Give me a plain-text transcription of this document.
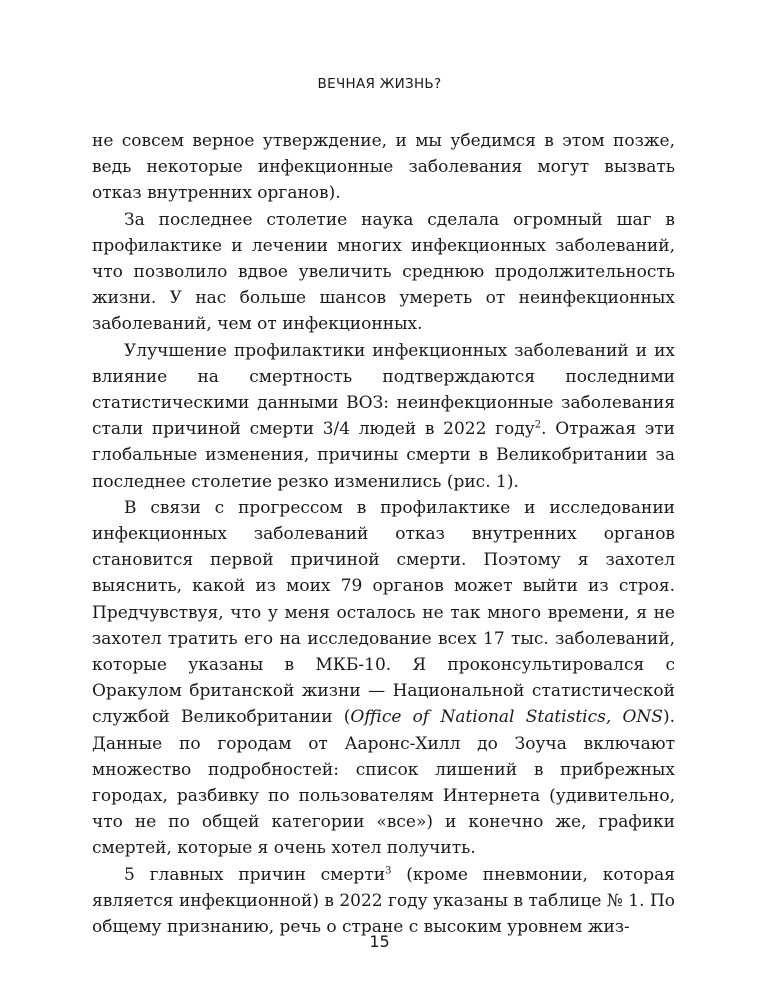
ВЕЧНАЯ ЖИЗНЬ?

не совсем верное утверждение, и мы убедимся в этом позже, ведь некоторые инфекционные заболевания могут вызвать отказ внутренних органов).

За последнее столетие наука сделала огромный шаг в профилактике и лечении многих инфекционных заболеваний, что позволило вдвое увеличить среднюю продолжительность жизни. У нас больше шансов умереть от неинфекционных заболеваний, чем от инфекционных.

Улучшение профилактики инфекционных заболеваний и их влияние на смертность подтверждаются последними статистическими данными ВОЗ: неинфекционные заболевания стали причиной смерти 3/4 людей в 2022 году$^2$. Отражая эти глобальные изменения, причины смерти в Великобритании за последнее столетие резко изменились (рис. 1).

В связи с прогрессом в профилактике и исследовании инфекционных заболеваний отказ внутренних органов становится первой причиной смерти. Поэтому я захотел выяснить, какой из моих 79 органов может выйти из строя. Предчувствуя, что у меня осталось не так много времени, я не захотел тратить его на исследование всех 17 тыс. заболеваний, которые указаны в МКБ-10. Я проконсультировался с Оракулом британской жизни — Национальной статистической службой Великобритании (Office of National Statistics, ONS). Данные по городам от Ааронс-Хилл до Зоуча включают множество подробностей: список лишений в прибрежных городах, разбивку по пользователям Интернета (удивительно, что не по общей категории «все») и конечно же, графики смертей, которые я очень хотел получить.

5 главных причин смерти$^3$ (кроме пневмонии, которая является инфекционной) в 2022 году указаны в таблице № 1. По общему признанию, речь о стране с высоким уровнем жиз-

15
